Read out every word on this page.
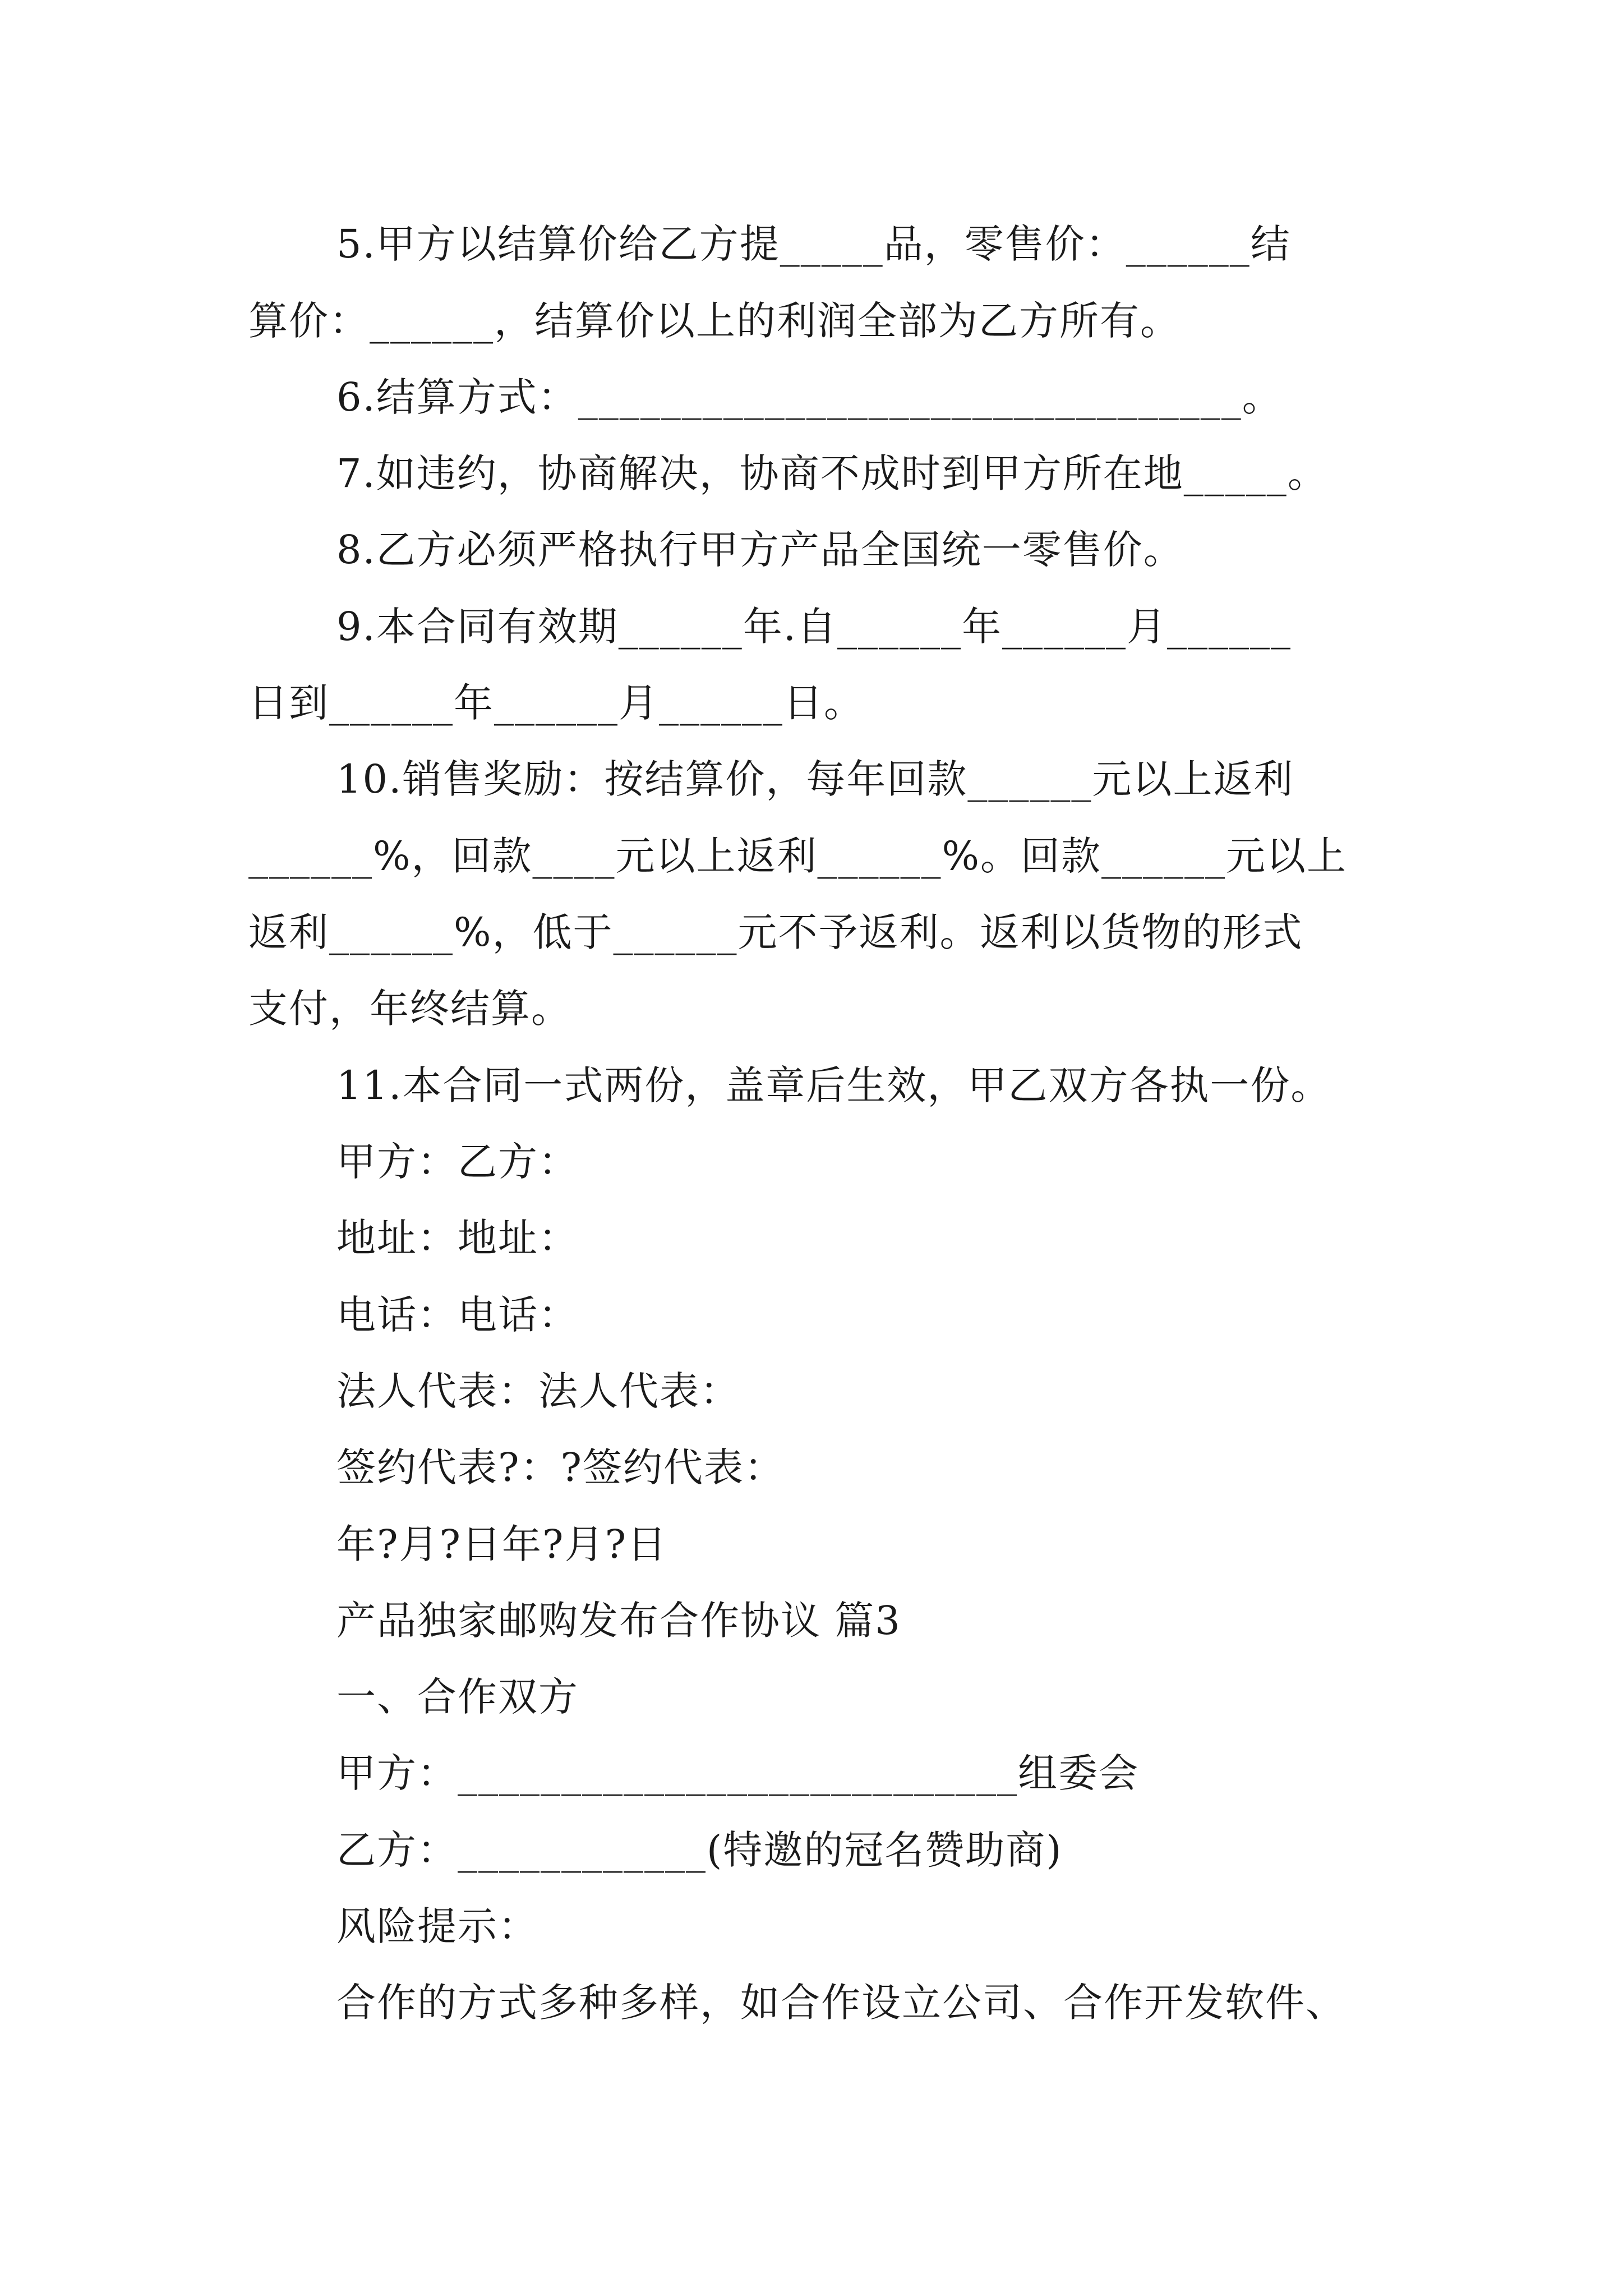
5.甲方以结算价给乙方提_____品，零售价：______结
算价：______，结算价以上的利润全部为乙方所有。
6.结算方式：________________________________。
7.如违约，协商解决，协商不成时到甲方所在地_____。
8.乙方必须严格执行甲方产品全国统一零售价。
9.本合同有效期______年.自______年______月______
日到______年______月______日。
10.销售奖励：按结算价，每年回款______元以上返利
______%，回款____元以上返利______%。回款______元以上
返利______%，低于______元不予返利。返利以货物的形式
支付，年终结算。
11.本合同一式两份，盖章后生效，甲乙双方各执一份。
甲方：乙方：
地址：地址：
电话：电话：
法人代表：法人代表：
签约代表?：?签约代表：
年?月?日年?月?日
产品独家邮购发布合作协议 篇3
一、合作双方
甲方：___________________________组委会
乙方：____________(特邀的冠名赞助商)
风险提示：
合作的方式多种多样，如合作设立公司、合作开发软件、
